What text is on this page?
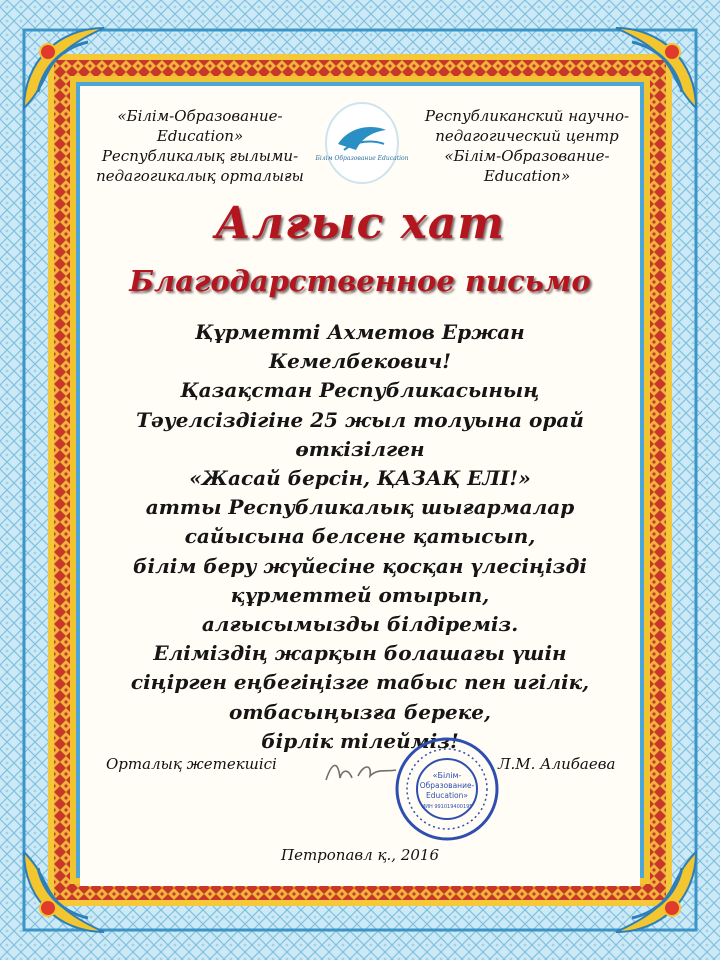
«Білім-Образование-
Education»
Республикалық ғылыми-
педагогикалық орталығы
Білім Образование Education
Республиканский научно-
педагогический центр
«Білім-Образование-
Education»
Алғыс хат
Благодарственное письмо
Құрметті Ахметов Ержан
Кемелбекович!
Қазақстан Республикасының
Тәуелсіздігіне 25 жыл толуына орай
өткізілген
«Жасай берсін, ҚАЗАҚ ЕЛІ!»
атты Республикалық шығармалар
сайысына белсене қатысып,
білім беру жүйесіне қосқан үлесіңізді
құрметтей отырып,
алғысымызды білдіреміз.
Еліміздің жарқын болашағы үшін
сіңірген еңбегіңізге табыс пен игілік,
отбасыңызға береке,
бірлік тілейміз!
Орталық жетекшісі
«Білім-
Образование-
Education»
ИИН 991019400195
Л.М. Алибаева
Петропавл қ., 2016
